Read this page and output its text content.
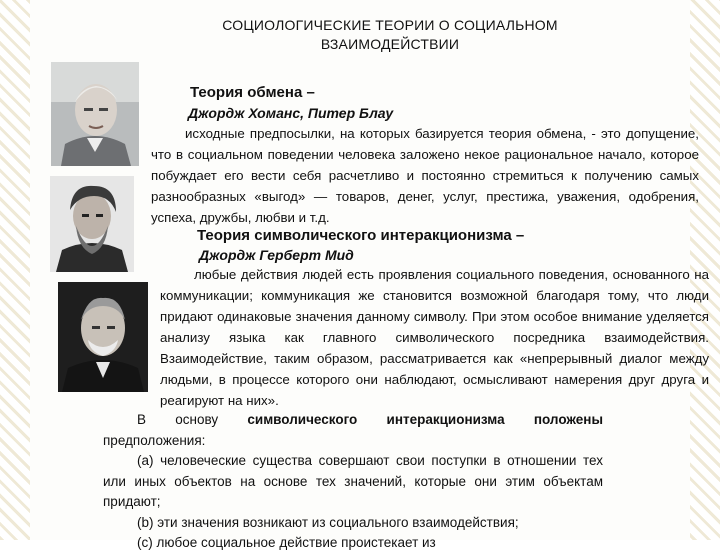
СОЦИОЛОГИЧЕСКИЕ ТЕОРИИ О СОЦИАЛЬНОМ ВЗАИМОДЕЙСТВИИ
Теория обмена –
Джордж Хоманс, Питер Блау

исходные предпосылки, на которых базируется теория обмена, - это допущение, что в социальном поведении человека заложено некое рациональное начало, которое побуждает его вести себя расчетливо и постоянно стремиться к получению самых разнообразных «выгод» — товаров, денег, услуг, престижа, уважения, одобрения, успеха, дружбы, любви и т.д.

Теория символического интеракционизма –
Джордж Герберт Мид

любые действия людей есть проявления социального поведения, основанного на коммуникации; коммуникация же становится возможной благодаря тому, что люди придают одинаковые значения данному символу. При этом особое внимание уделяется анализу языка как главного символического посредника взаимодействия. Взаимодействие, таким образом, рассматривается как «непрерывный диалог между людьми, в процессе которого они наблюдают, осмысливают намерения друг друга и реагируют на них».

В основу символического интеракционизма положены предположения:

(a) человеческие существа совершают свои поступки в отношении тех или иных объектов на основе тех значений, которые они этим объектам придают;

(b) эти значения возникают из социального взаимодействия;

(c) любое социальное действие проистекает из
